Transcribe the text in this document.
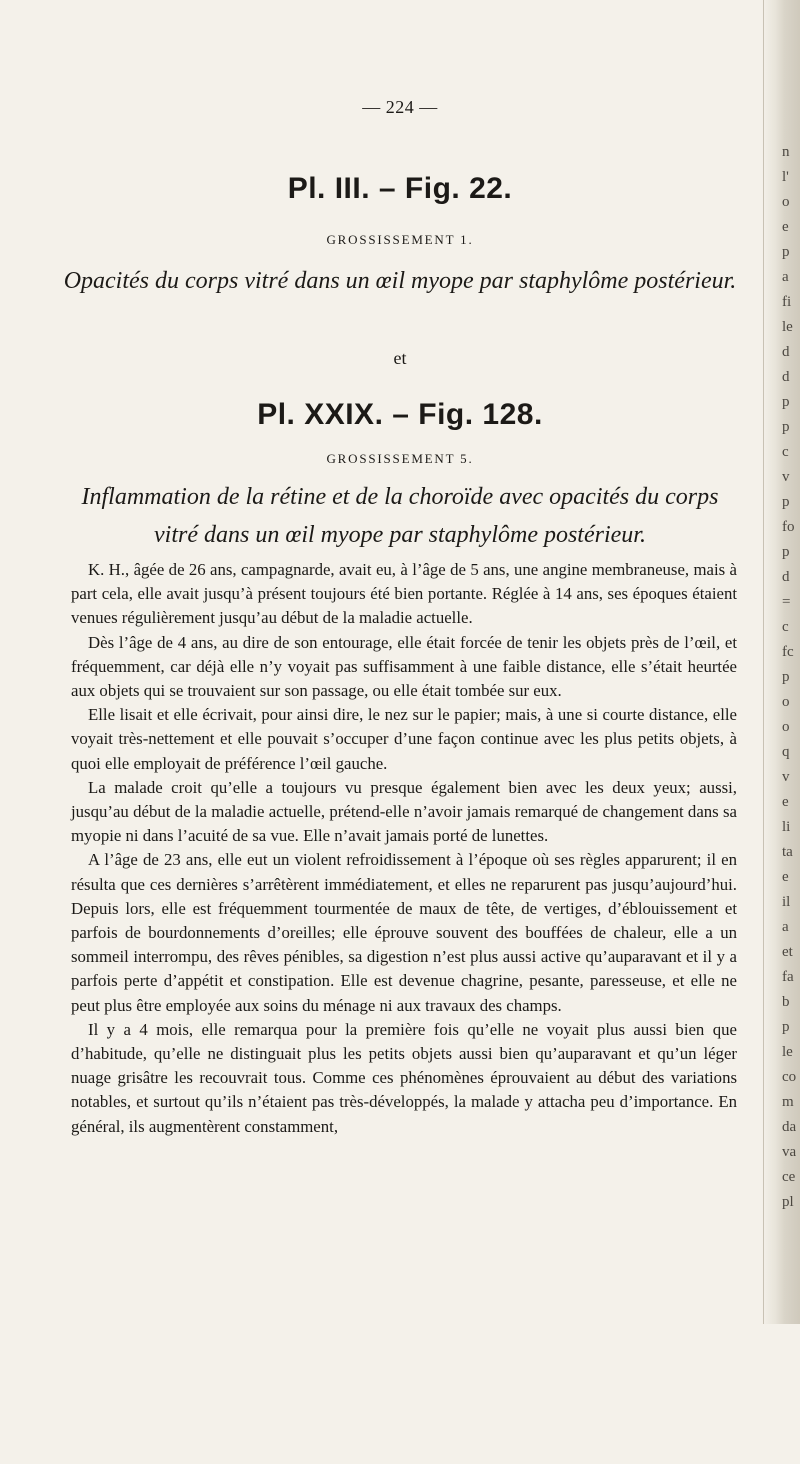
n
l'
o
e
p
a
fi
le
d
d
p
p
c
v
p
fo
p
d
=
c
fc
p
o
o
q
v
e
li
ta
e
il
a
et
fa
b
p
le
co
m
da
va
ce
pl
— 224 —
Pl. III. – Fig. 22.
GROSSISSEMENT 1.
Opacités du corps vitré dans un œil myope par staphylôme postérieur.
et
Pl. XXIX. – Fig. 128.
GROSSISSEMENT 5.
Inflammation de la rétine et de la choroïde avec opacités du corps
vitré dans un œil myope par staphylôme postérieur.

K. H., âgée de 26 ans, campagnarde, avait eu, à l’âge de 5 ans, une angine membraneuse, mais à part cela, elle avait jusqu’à présent toujours été bien portante. Réglée à 14 ans, ses époques étaient venues régulièrement jusqu’au début de la maladie actuelle.

Dès l’âge de 4 ans, au dire de son entourage, elle était forcée de tenir les objets près de l’œil, et fréquemment, car déjà elle n’y voyait pas suffisamment à une faible distance, elle s’était heurtée aux objets qui se trouvaient sur son passage, ou elle était tombée sur eux.

Elle lisait et elle écrivait, pour ainsi dire, le nez sur le papier; mais, à une si courte distance, elle voyait très-nettement et elle pouvait s’occuper d’une façon continue avec les plus petits objets, à quoi elle employait de préférence l’œil gauche.

La malade croit qu’elle a toujours vu presque également bien avec les deux yeux; aussi, jusqu’au début de la maladie actuelle, prétend-elle n’avoir jamais remarqué de changement dans sa myopie ni dans l’acuité de sa vue. Elle n’avait jamais porté de lunettes.

A l’âge de 23 ans, elle eut un violent refroidissement à l’époque où ses règles apparurent; il en résulta que ces dernières s’arrêtèrent immédiatement, et elles ne reparurent pas jusqu’aujourd’hui. Depuis lors, elle est fréquemment tourmentée de maux de tête, de vertiges, d’éblouissement et parfois de bourdonnements d’oreilles; elle éprouve souvent des bouffées de chaleur, elle a un sommeil interrompu, des rêves pénibles, sa digestion n’est plus aussi active qu’auparavant et il y a parfois perte d’appétit et constipation. Elle est devenue chagrine, pesante, paresseuse, et elle ne peut plus être employée aux soins du ménage ni aux travaux des champs.

Il y a 4 mois, elle remarqua pour la première fois qu’elle ne voyait plus aussi bien que d’habitude, qu’elle ne distinguait plus les petits objets aussi bien qu’auparavant et qu’un léger nuage grisâtre les recouvrait tous. Comme ces phénomènes éprouvaient au début des variations notables, et surtout qu’ils n’étaient pas très-développés, la malade y attacha peu d’importance. En général, ils augmentèrent constamment,
